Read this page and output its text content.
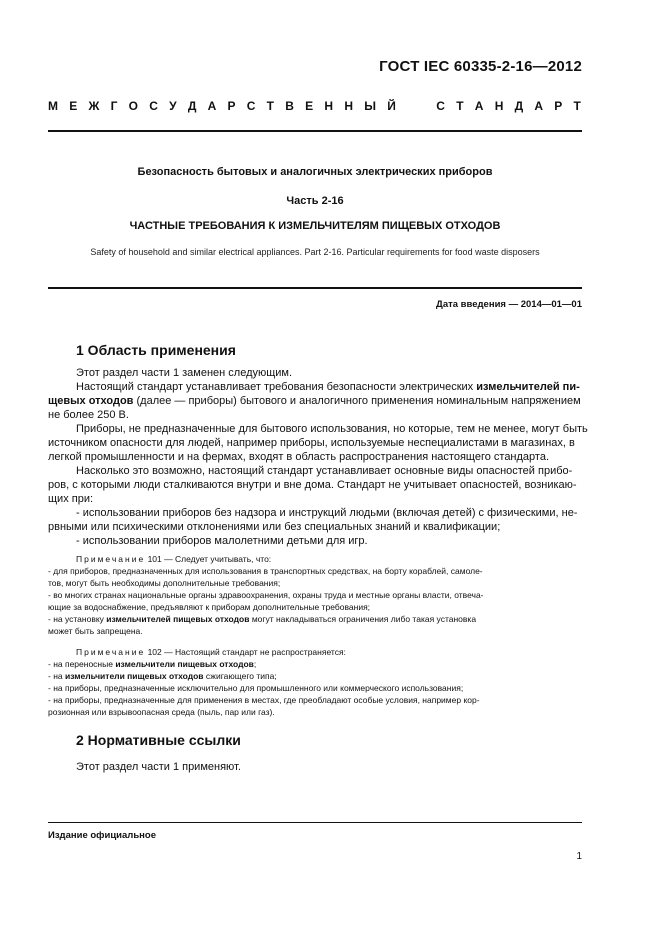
ГОСТ IEC 60335-2-16—2012
М Е Ж Г О С У Д А Р С Т В Е Н Н Ы Й
	С Т А Н Д А Р Т
Безопасность бытовых и аналогичных электрических приборов
Часть 2-16
ЧАСТНЫЕ ТРЕБОВАНИЯ К ИЗМЕЛЬЧИТЕЛЯМ ПИЩЕВЫХ ОТХОДОВ
Safety of household and similar electrical appliances. Part 2-16. Particular requirements for food waste disposers
Дата введения — 2014—01—01
1 Область применения
Этот раздел части 1 заменен следующим.
Настоящий стандарт устанавливает требования безопасности электрических измельчителей пи-
щевых отходов (далее — приборы) бытового и аналогичного применения номинальным напряжением
не более 250 В.
Приборы, не предназначенные для бытового использования, но которые, тем не менее, могут быть
источником опасности для людей, например приборы, используемые неспециалистами в магазинах, в
легкой промышленности и на фермах, входят в область распространения настоящего стандарта.
Насколько это возможно, настоящий стандарт устанавливает основные виды опасностей прибо-
ров, с которыми люди сталкиваются внутри и вне дома. Стандарт не учитывает опасностей, возникаю-
щих при:
- использовании приборов без надзора и инструкций людьми (включая детей) с физическими, не-
рвными или психическими отклонениями или без специальных знаний и квалификации;
- использовании приборов малолетними детьми для игр.
Примечание 101 — Следует учитывать, что:
- для приборов, предназначенных для использования в транспортных средствах, на борту кораблей, самоле-
тов, могут быть необходимы дополнительные требования;
- во многих странах национальные органы здравоохранения, охраны труда и местные органы власти, отвеча-
ющие за водоснабжение, предъявляют к приборам дополнительные требования;
- на установку измельчителей пищевых отходов могут накладываться ограничения либо такая установка
может быть запрещена.
Примечание 102 — Настоящий стандарт не распространяется:
- на переносные измельчители пищевых отходов;
- на измельчители пищевых отходов сжигающего типа;
- на приборы, предназначенные исключительно для промышленного или коммерческого использования;
- на приборы, предназначенные для применения в местах, где преобладают особые условия, например кор-
розионная или взрывоопасная среда (пыль, пар или газ).
2 Нормативные ссылки
Этот раздел части 1 применяют.
Издание официальное
1
